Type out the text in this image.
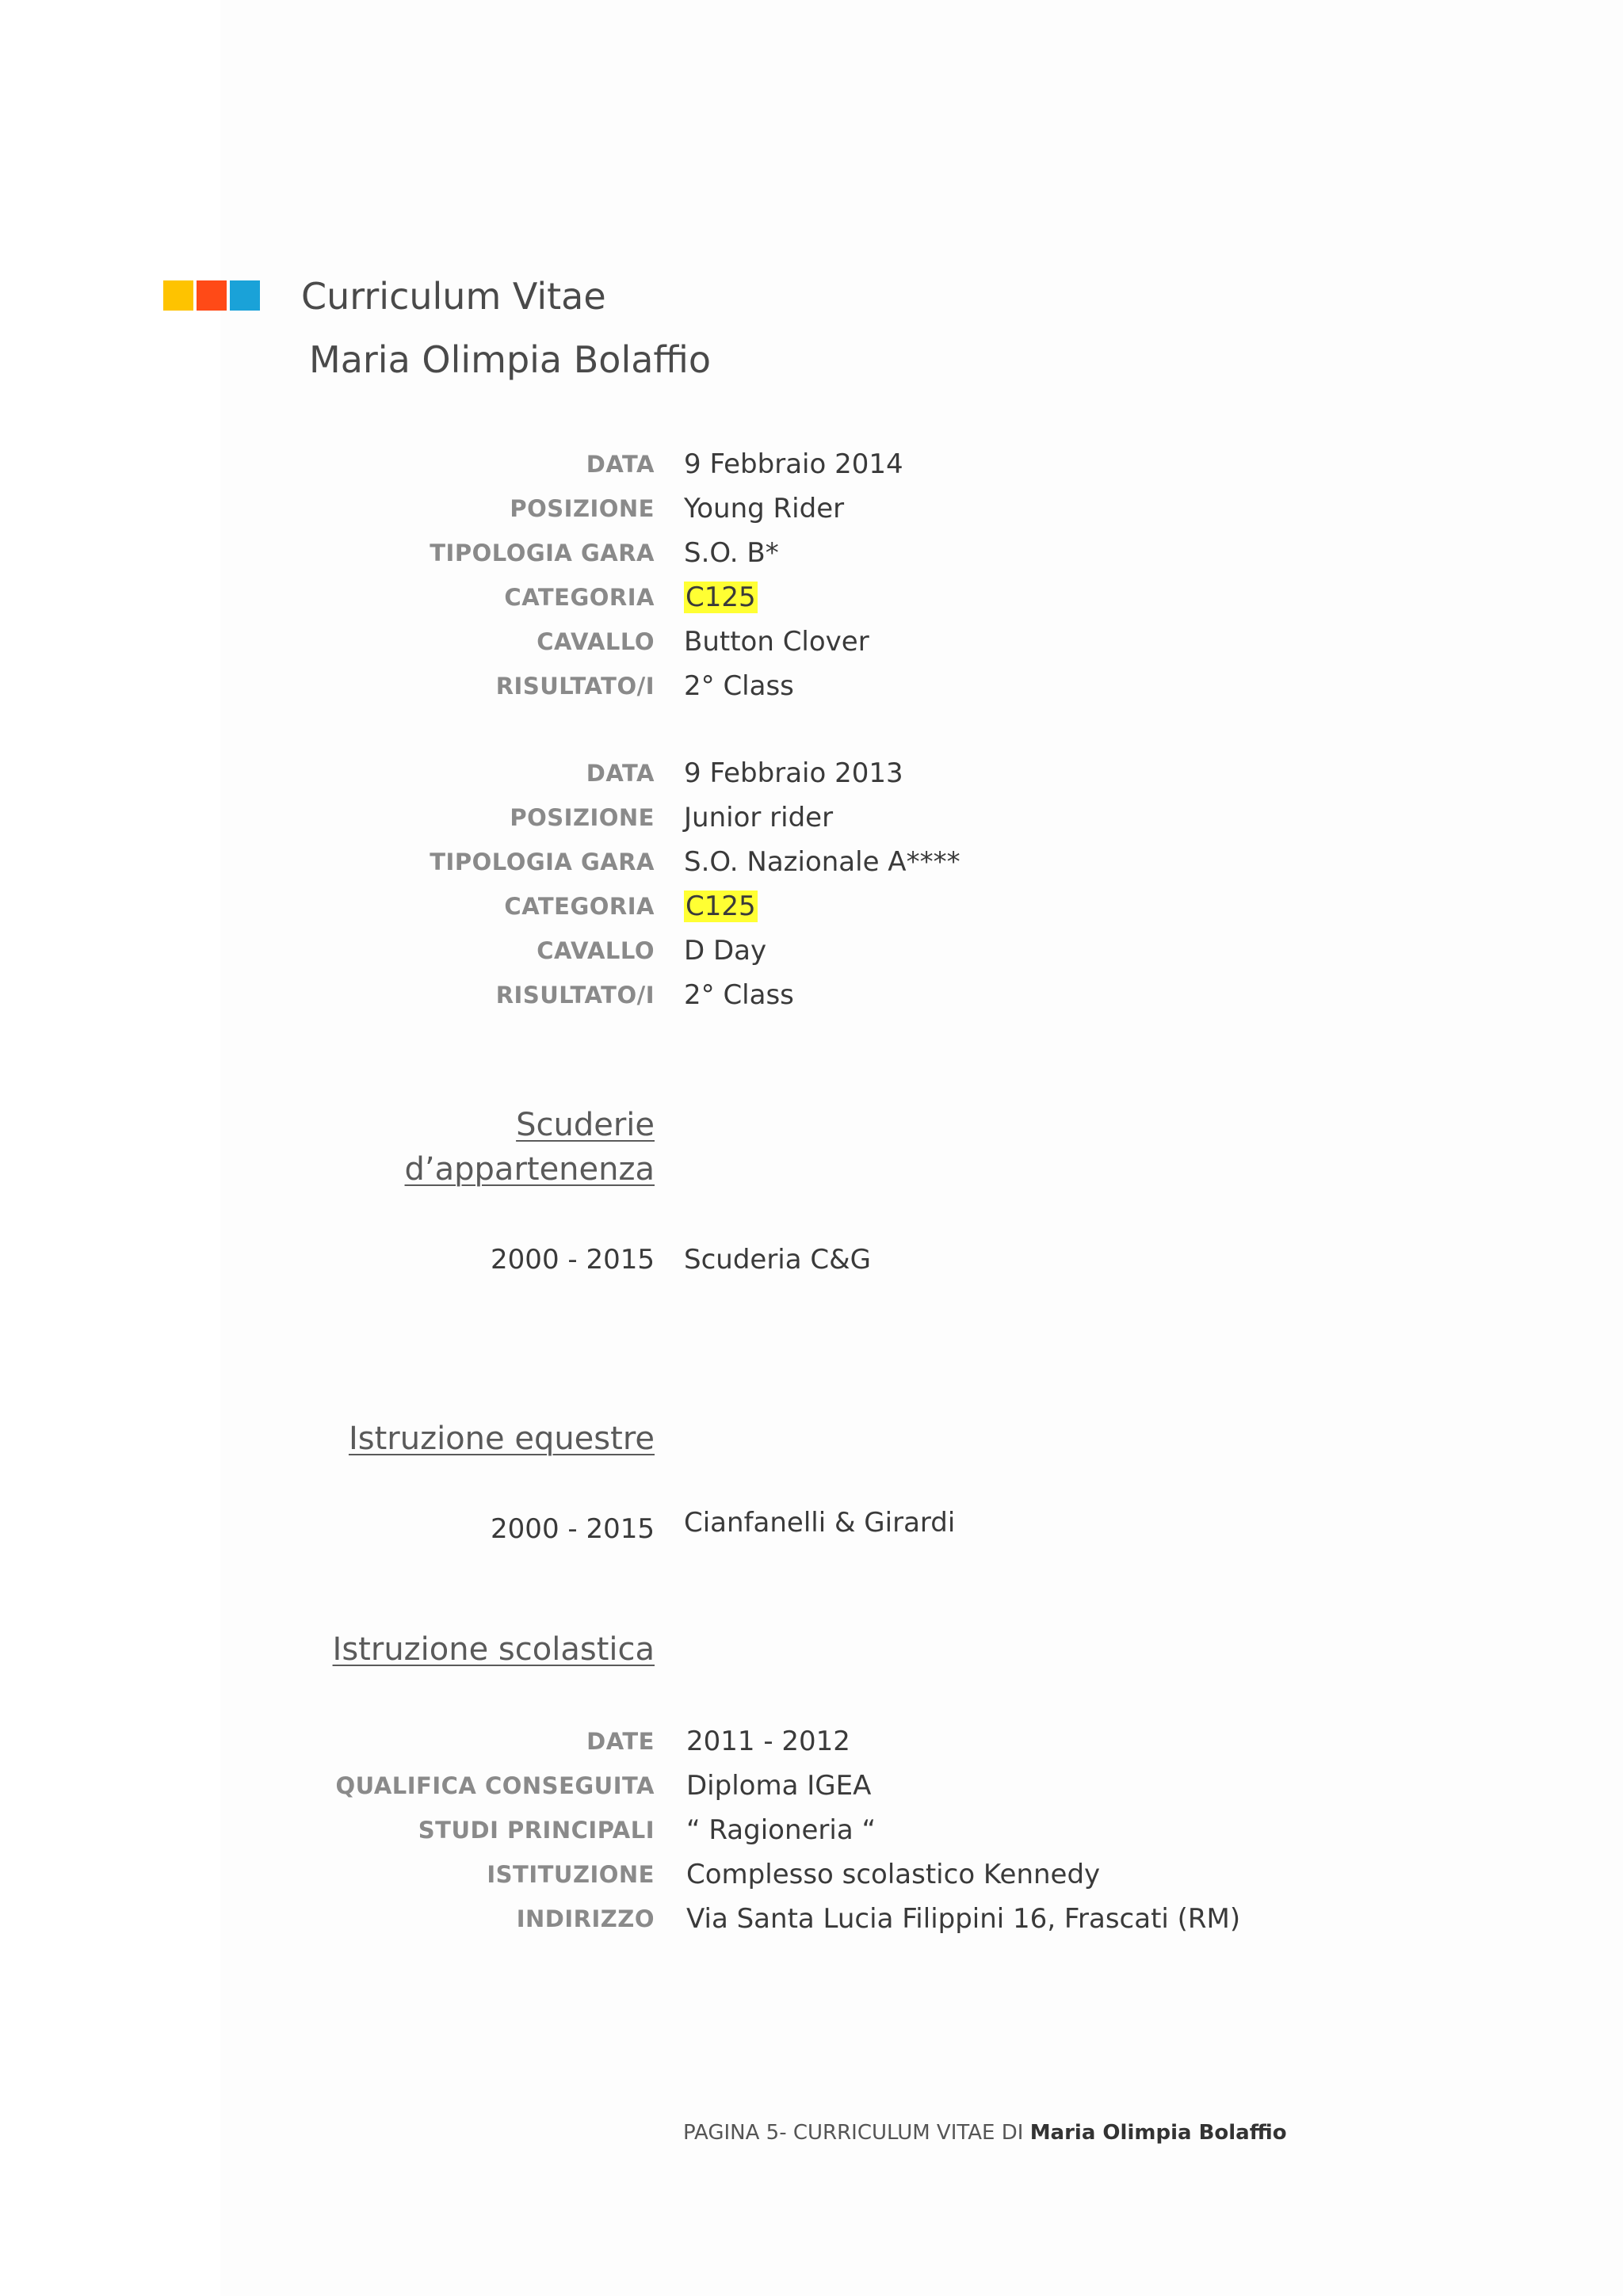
Curriculum Vitae
Maria Olimpia Bolaffio
DATA 9 Febbraio 2014
POSIZIONE Young Rider
TIPOLOGIA GARA S.O. B*
CATEGORIA C125
CAVALLO Button Clover
RISULTATO/I 2° Class
DATA 9 Febbraio 2013
POSIZIONE Junior rider
TIPOLOGIA GARA S.O. Nazionale A****
CATEGORIA C125
CAVALLO D Day
RISULTATO/I 2° Class
Scuderie
d’appartenenza
2000 - 2015 Scuderia C&G
Istruzione equestre
2000 - 2015 Cianfanelli & Girardi
Istruzione scolastica
DATE 2011 - 2012
QUALIFICA CONSEGUITA Diploma IGEA
STUDI PRINCIPALI “ Ragioneria “
ISTITUZIONE Complesso scolastico Kennedy
INDIRIZZO Via Santa Lucia Filippini 16, Frascati (RM)
PAGINA 5- CURRICULUM VITAE DI Maria Olimpia Bolaffio
